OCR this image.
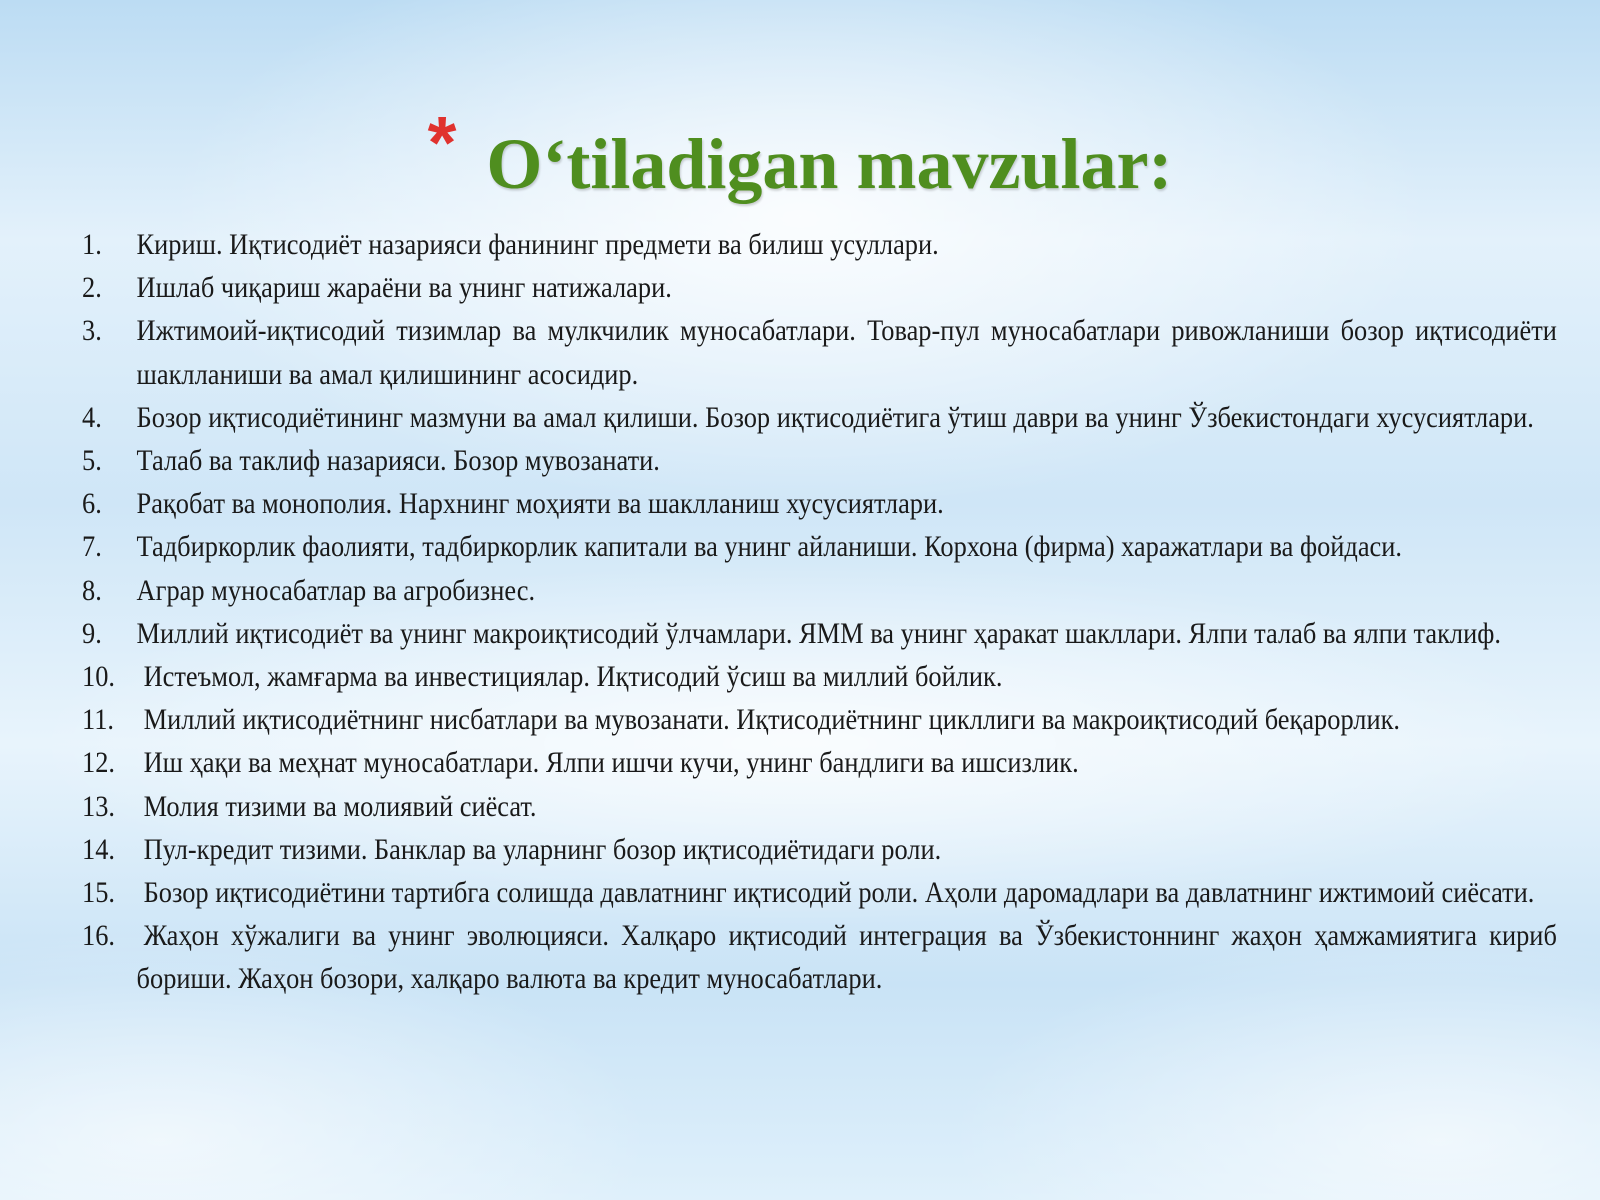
* O‘tiladigan mavzular:
1.	Кириш. Иқтисодиёт назарияси фанининг предмети ва билиш усуллари.
2.	Ишлаб чиқариш жараёни ва унинг натижалари.
3.	Ижтимоий-иқтисодий тизимлар ва мулкчилик муносабатлари. Товар-пул муносабатлари ривожланиши бозор иқтисодиёти шаклланиши ва амал қилишининг асосидир.
4.	Бозор иқтисодиётининг мазмуни ва амал қилиши. Бозор иқтисодиётига ўтиш даври ва унинг Ўзбекистондаги хусусиятлари.
5.	Талаб ва таклиф назарияси. Бозор мувозанати.
6.	Рақобат ва монополия. Нархнинг моҳияти ва шаклланиш хусусиятлари.
7.	Тадбиркорлик фаолияти, тадбиркорлик капитали ва унинг айланиши. Корхона (фирма) харажатлари ва фойдаси.
8.	Аграр муносабатлар ва агробизнес.
9.	Миллий иқтисодиёт ва унинг макроиқтисодий ўлчамлари. ЯММ ва унинг ҳаракат шакллари. Ялпи талаб ва ялпи таклиф.
10. Истеъмол, жамғарма ва инвестициялар. Иқтисодий ўсиш ва миллий бойлик.
11. Миллий иқтисодиётнинг нисбатлари ва мувозанати. Иқтисодиётнинг цикллиги ва макроиқтисодий беқарорлик.
12. Иш ҳақи ва меҳнат муносабатлари. Ялпи ишчи кучи, унинг бандлиги ва ишсизлик.
13. Молия тизими ва молиявий сиёсат.
14. Пул-кредит тизими. Банклар ва уларнинг бозор иқтисодиётидаги роли.
15. Бозор иқтисодиётини тартибга солишда давлатнинг иқтисодий роли. Аҳоли даромадлари ва давлатнинг ижтимоий сиёсати.
16. Жаҳон хўжалиги ва унинг эволюцияси. Халқаро иқтисодий интеграция ва Ўзбекистоннинг жаҳон ҳамжамиятига кириб бориши. Жаҳон бозори, халқаро валюта ва кредит муносабатлари.
